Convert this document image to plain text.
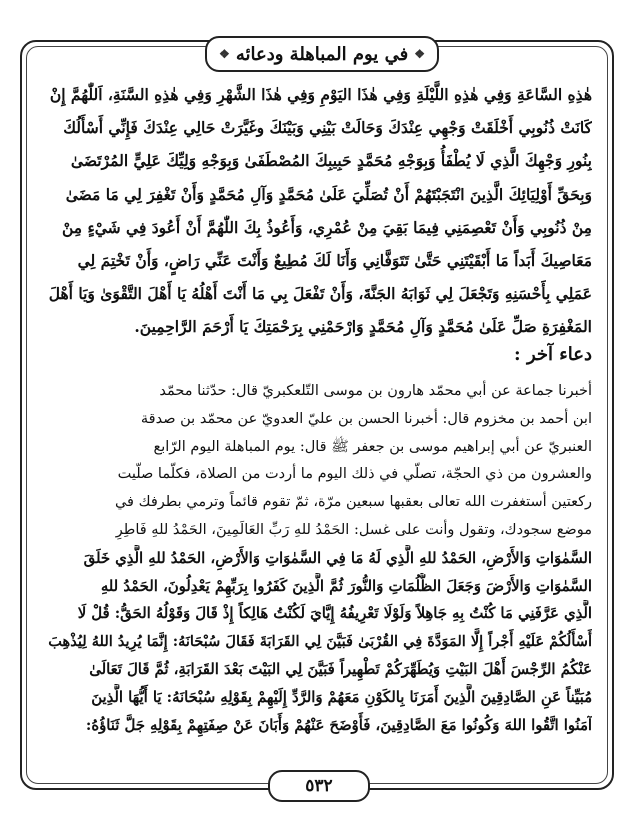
❖
في يوم المباهلة ودعائه
❖
هٰذِهِ السَّاعَةِ وَفِي هٰذِهِ اللَّيْلَةِ وَفِي هٰذَا اليَوْمِ وَفِي هٰذَا الشَّهْرِ وَفِي هٰذِهِ السَّنَةِ، اَللّٰهُمَّ إِنْ
كَانَتْ ذُنُوبِي أَخْلَقَتْ وَجْهِي عِنْدَكَ وَحَالَتْ بَيْنِي وَبَيْنَكَ وغَيَّرَتْ حَالِي عِنْدَكَ فَإِنِّي أَسْأَلُكَ
بِنُورِ وَجْهِكَ الَّذِي لَا يُطْفَأُ وَبِوَجْهِ مُحَمَّدٍ حَبِيبِكَ المُصْطَفَىٰ وَبِوَجْهِ وَلِيِّكَ عَلِيٍّ المُرْتَضَىٰ
وَبِحَقِّ أَوْلِيَائِكَ الَّذِينَ انْتَجَبْتَهُمْ أَنْ تُصَلِّيَ عَلَىٰ مُحَمَّدٍ وَآلِ مُحَمَّدٍ وَأَنْ تَغْفِرَ لِي مَا مَضَىٰ
مِنْ ذُنُوبِي وَأَنْ تَعْصِمَنِي فِيمَا بَقِيَ مِنْ عُمْرِي، وَأَعُوذُ بِكَ اللّٰهُمَّ أَنْ أَعُودَ فِي شَيْءٍ مِنْ
مَعَاصِيكَ أَبَداً مَا أَبْقَيْتَنِي حَتَّىٰ تَتَوَفَّانِي وَأَنَا لَكَ مُطِيعٌ وَأَنْتَ عَنِّي رَاضٍ، وَأَنْ تَخْتِمَ لِي
عَمَلِي بِأَحْسَنِهِ وَتَجْعَلَ لِي ثَوَابَهُ الجَنَّةَ، وَأَنْ تَفْعَلَ بِي مَا أَنْتَ أَهْلُهُ يَا أَهْلَ التَّقْوَىٰ وَيَا أَهْلَ
المَغْفِرَةِ صَلِّ عَلَىٰ مُحَمَّدٍ وَآلِ مُحَمَّدٍ وَارْحَمْنِي بِرَحْمَتِكَ يَا أَرْحَمَ الرَّاحِمِينَ.
دعاء آخر :
أخبرنا جماعة عن أبي محمّد هارون بن موسى التّلعكبريّ قال: حدّثنا محمّد
ابن أحمد بن مخزوم قال: أخبرنا الحسن بن عليّ العدويّ عن محمّد بن صدقة
العنبريّ عن أبي إبراهيم موسى بن جعفر ﷺ قال: يوم المباهلة اليوم الرّابع
والعشرون من ذي الحجّة، تصلّي في ذلك اليوم ما أردت من الصلاة، فكلّما صلّيت
ركعتين أستغفرت الله تعالى بعقبها سبعين مرّة، ثمّ تقوم قائماً وترمي بطرفك في
موضع سجودك، وتقول وأنت على غسل: الحَمْدُ للهِ رَبِّ العَالَمِينَ، الحَمْدُ للهِ فَاطِرِ
السَّمٰوَاتِ وَالأَرْضِ، الحَمْدُ للهِ الَّذِي لَهُ مَا فِي السَّمٰوَاتِ وَالأَرْضِ، الحَمْدُ للهِ الَّذِي خَلَقَ
السَّمٰوَاتِ وَالأَرْضَ وَجَعَلَ الظُّلُمَاتِ وَالنُّورَ ثُمَّ الَّذِينَ كَفَرُوا بِرَبِّهِمْ يَعْدِلُونَ، الحَمْدُ للهِ
الَّذِي عَرَّفَنِي مَا كُنْتُ بِهِ جَاهِلاً وَلَوْلَا تَعْرِيفُهُ إِيَّايَ لَكُنْتُ هَالِكاً إِذْ قَالَ وَقَوْلُهُ الحَقُّ: قُلْ لَا
أَسْأَلُكُمْ عَلَيْهِ أَجْراً إِلَّا المَوَدَّةَ فِي القُرْبَىٰ فَبَيَّنَ لِي القَرَابَةَ فَقَالَ سُبْحَانَهُ: إِنَّمَا يُرِيدُ اللهُ لِيُذْهِبَ
عَنْكُمُ الرِّجْسَ أَهْلَ البَيْتِ وَيُطَهِّرَكُمْ تَطْهِيراً فَبَيَّنَ لِي البَيْتَ بَعْدَ القَرَابَةِ، ثُمَّ قَالَ تَعَالَىٰ
مُبَيِّناً عَنِ الصَّادِقِينَ الَّذِينَ أَمَرَنَا بِالكَوْنِ مَعَهُمْ وَالرَّدِّ إِلَيْهِمْ بِقَوْلِهِ سُبْحَانَهُ: يَا أَيُّهَا الَّذِينَ
آمَنُوا اتَّقُوا اللهَ وَكُونُوا مَعَ الصَّادِقِينَ، فَأَوْضَحَ عَنْهُمْ وَأَبَانَ عَنْ صِفَتِهِمْ بِقَوْلِهِ جَلَّ ثَنَاؤُهُ:
٥٣٢
